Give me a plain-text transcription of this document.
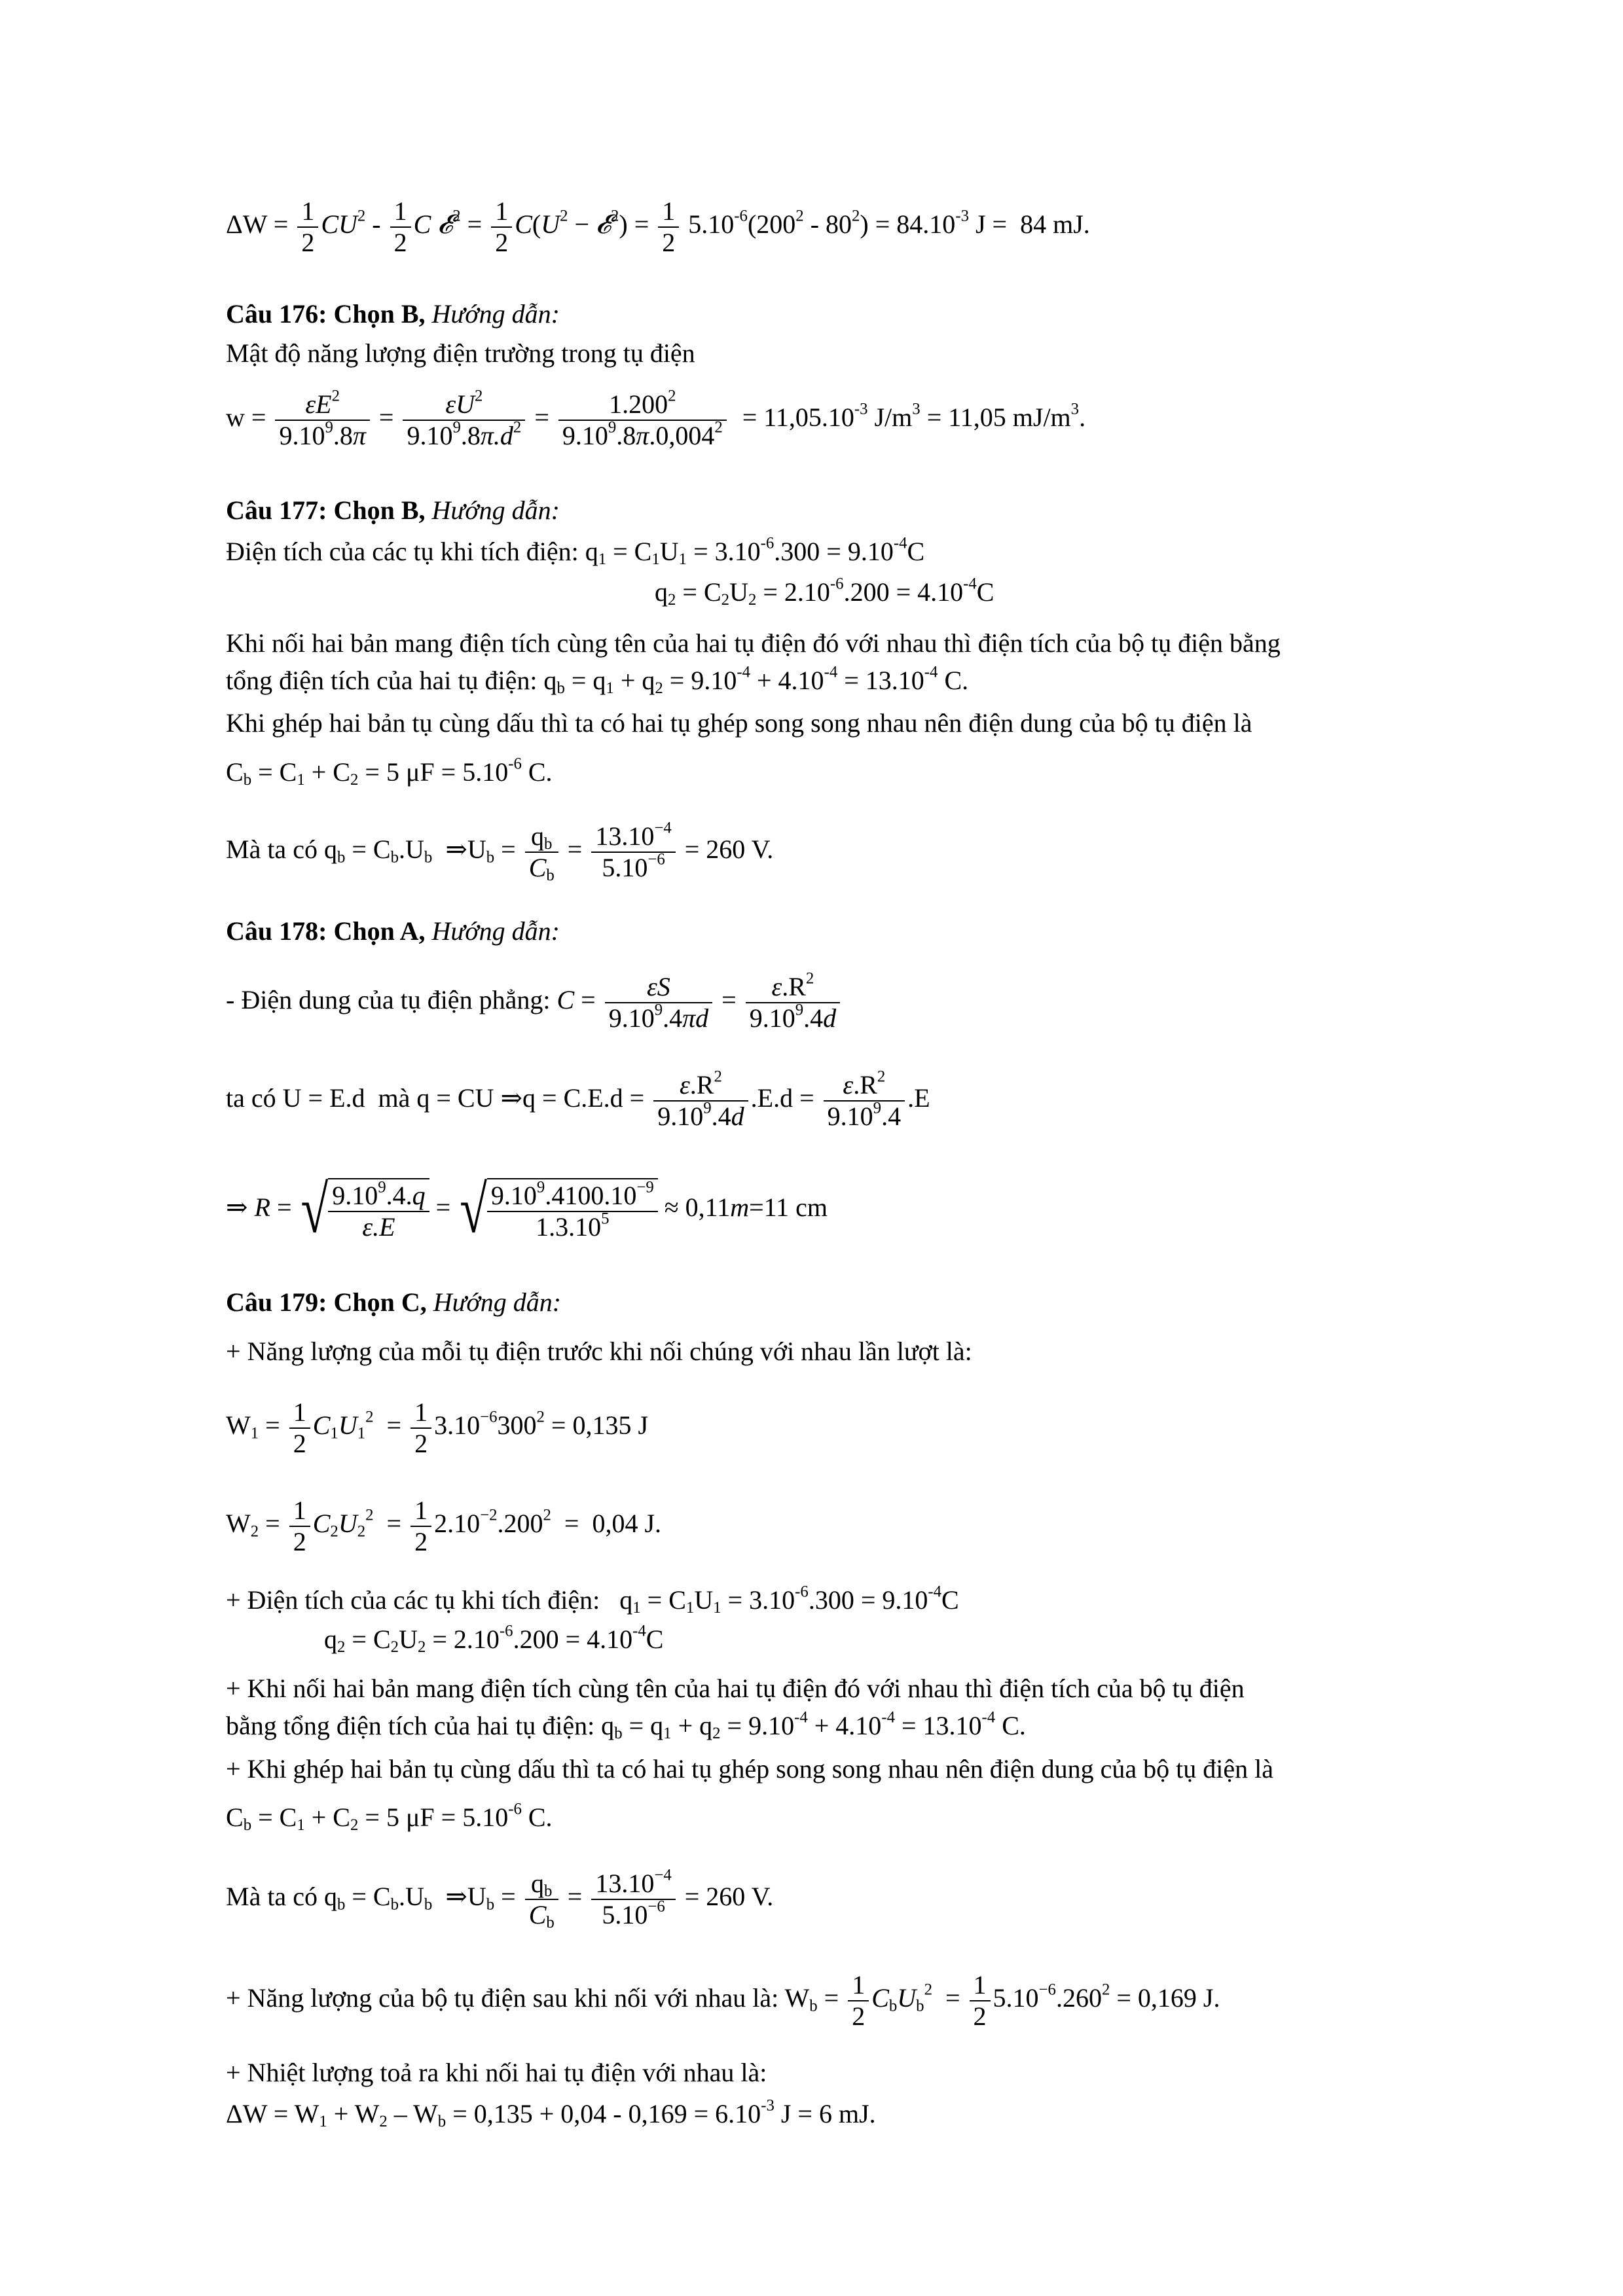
$\Delta W = \frac{1}{2} CU^2 - \frac{1}{2}$ C 𝓔$^2$ = $\frac{1}{2} C(U^2$ − 𝓔$^2$) = $\frac{1}{2} 5.10^{-6}(200^2 - 80^2) = 84.10^{-3}$ J =  84 mJ.
Câu 176: Chọn B, Hướng dẫn:
Mật độ năng lượng điện trường trong tụ điện
$w = \frac{\varepsilon E^2}{9.10^9.8\pi} = \frac{\varepsilon U^2}{9.10^9.8\pi.d^2} = \frac{1.200^2}{9.10^9.8\pi.0,004^2} = 11,05.10^{-3}$ $J/m^3 = 11,05$ $mJ/m^3$.
Câu 177: Chọn B, Hướng dẫn:
Điện tích của các tụ khi tích điện: $q_1 = C_1U_1 = 3.10^{-6}.300 = 9.10^{-4}C$
$q_2 = C_2U_2 = 2.10^{-6}.200 = 4.10^{-4}C$
Khi nối hai bản mang điện tích cùng tên của hai tụ điện đó với nhau thì điện tích của bộ tụ điện bằng
tổng điện tích của hai tụ điện: $q_b = q_1 + q_2 = 9.10^{-4} + 4.10^{-4} = 13.10^{-4}$ C.
Khi ghép hai bản tụ cùng dấu thì ta có hai tụ ghép song song nhau nên điện dung của bộ tụ điện là
$C_b = C_1 + C_2 = 5$ $\mu F = 5.10^{-6}$ C.
Mà ta có $q_b = C_b.U_b$  $\Rightarrow U_b = \frac{q_b}{C_b} = \frac{13.10^{-4}}{5.10^{-6}} = 260$ V.
Câu 178: Chọn A, Hướng dẫn:
- Điện dung của tụ điện phẳng: $C = \frac{\varepsilon S}{9.10^9.4\pi d} = \frac{\varepsilon.R^2}{9.10^9.4d}$
ta có U = E.d  mà q = CU ⇒q = $C.E.d = \frac{\varepsilon.R^2}{9.10^9.4d} .E.d = \frac{\varepsilon.R^2}{9.10^9.4} .E$
⇒ R = √ $\frac{9.10^9.4.q}{\varepsilon.E}$ = √ $\frac{9.10^9.4100.10^{-9}}{1.3.10^5} \approx 0,11m=11$ cm
Câu 179: Chọn C, Hướng dẫn:
+ Năng lượng của mỗi tụ điện trước khi nối chúng với nhau lần lượt là:
$W_1 = \frac{1}{2} C_1U_1^2 = \frac{1}{2} 3.10^{-6}300^2 = 0,135$ J
$W_2 = \frac{1}{2} C_2U_2^2 = \frac{1}{2} 2.10^{-2}.200^2 = 0,04$ J.
+ Điện tích của các tụ khi tích điện:   $q_1 = C_1U_1 = 3.10^{-6}.300 = 9.10^{-4}C$
$q_2 = C_2U_2 = 2.10^{-6}.200 = 4.10^{-4}C$
+ Khi nối hai bản mang điện tích cùng tên của hai tụ điện đó với nhau thì điện tích của bộ tụ điện
bằng tổng điện tích của hai tụ điện: $q_b = q_1 + q_2 = 9.10^{-4} + 4.10^{-4} = 13.10^{-4}$ C.
+ Khi ghép hai bản tụ cùng dấu thì ta có hai tụ ghép song song nhau nên điện dung của bộ tụ điện là
$C_b = C_1 + C_2 = 5$ $\mu F = 5.10^{-6}$ C.
Mà ta có $q_b = C_b.U_b$  $\Rightarrow U_b = \frac{q_b}{C_b} = \frac{13.10^{-4}}{5.10^{-6}} = 260$ V.
+ Năng lượng của bộ tụ điện sau khi nối với nhau là: $W_b = \frac{1}{2} C_bU_b^2 = \frac{1}{2} 5.10^{-6}.260^2 = 0,169$ J.
+ Nhiệt lượng toả ra khi nối hai tụ điện với nhau là:
$\Delta W = W_1 + W_2 - W_b = 0,135 + 0,04 - 0,169 = 6.10^{-3}$ J = 6 mJ.
